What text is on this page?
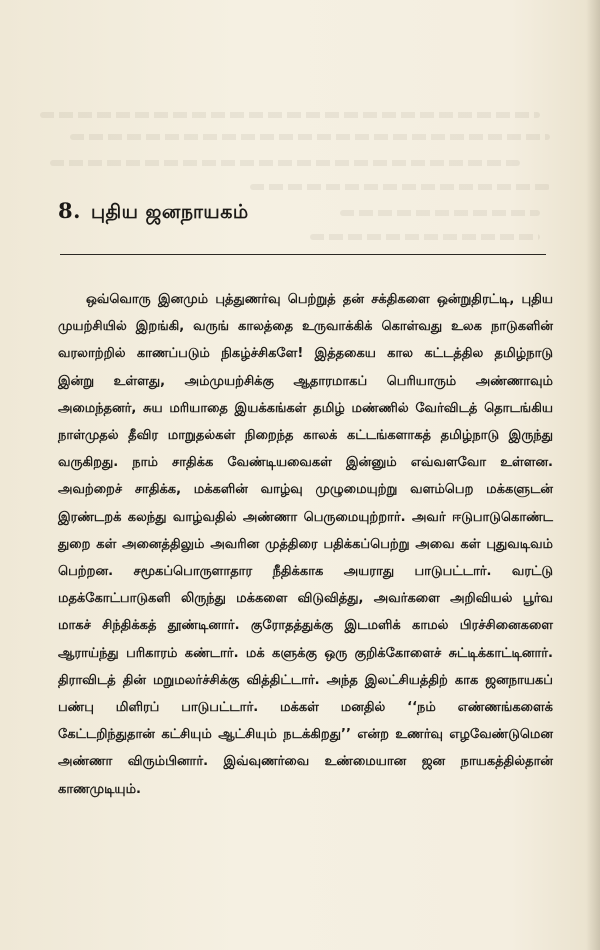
8. புதிய ஜனநாயகம்

ஒவ்வொரு இனமும் புத்துணர்வு பெற்றுத் தன் சக்திகளை ஒன்றுதிரட்டி, புதிய முயற்சியில் இறங்கி, வருங் காலத்தை உருவாக்கிக் கொள்வது உலக நாடுகளின் வரலாற்றில் காணப்படும் நிகழ்ச்சிகளே! இத்தகைய கால கட்டத்தில தமிழ்நாடு இன்று உள்ளது, அம்முயற்சிக்கு ஆதாரமாகப் பெரியாரும் அண்ணாவும் அமைந்தனர், சுய மரியாதை இயக்கங்கள் தமிழ் மண்ணில் வேர்விடத் தொடங்கிய நாள்முதல் தீவிர மாறுதல்கள் நிறைந்த காலக் கட்டங்களாகத் தமிழ்நாடு இருந்து வருகிறது. நாம் சாதிக்க வேண்டியவைகள் இன்னும் எவ்வளவோ உள்ளன. அவற்றைச் சாதிக்க, மக்களின் வாழ்வு முழுமையுற்று வளம்பெற மக்களுடன் இரண்டறக் கலந்து வாழ்வதில் அண்ணா பெருமையுற்றார். அவர் ஈடுபாடுகொண்ட துறை கள் அனைத்திலும் அவரின முத்திரை பதிக்கப்பெற்று அவை கள் புதுவடிவம் பெற்றன. சமூகப்பொருளாதார நீதிக்காக அயராது பாடுபட்டார். வரட்டு மதக்கோட்பாடுகளி லிருந்து மக்களை விடுவித்து, அவர்களை அறிவியல் பூர்வ மாகச் சிந்திக்கத் தூண்டினார். குரோதத்துக்கு இடமளிக் காமல் பிரச்சினைகளை ஆராய்ந்து பரிகாரம் கண்டார். மக் களுக்கு ஒரு குறிக்கோளைச் சுட்டிக்காட்டினார். திராவிடத் தின் மறுமலர்ச்சிக்கு வித்திட்டார். அந்த இலட்சியத்திற் காக ஜனநாயகப் பண்பு மிளிரப் பாடுபட்டார். மக்கள் மனதில் ‘‘நம் எண்ணங்களைக் கேட்டறிந்துதான் கட்சியும் ஆட்சியும் நடக்கிறது’’ என்ற உணர்வு எழவேண்டுமென அண்ணா விரும்பினார். இவ்வுணர்வை உண்மையான ஜன நாயகத்தில்தான் காணமுடியும்.
